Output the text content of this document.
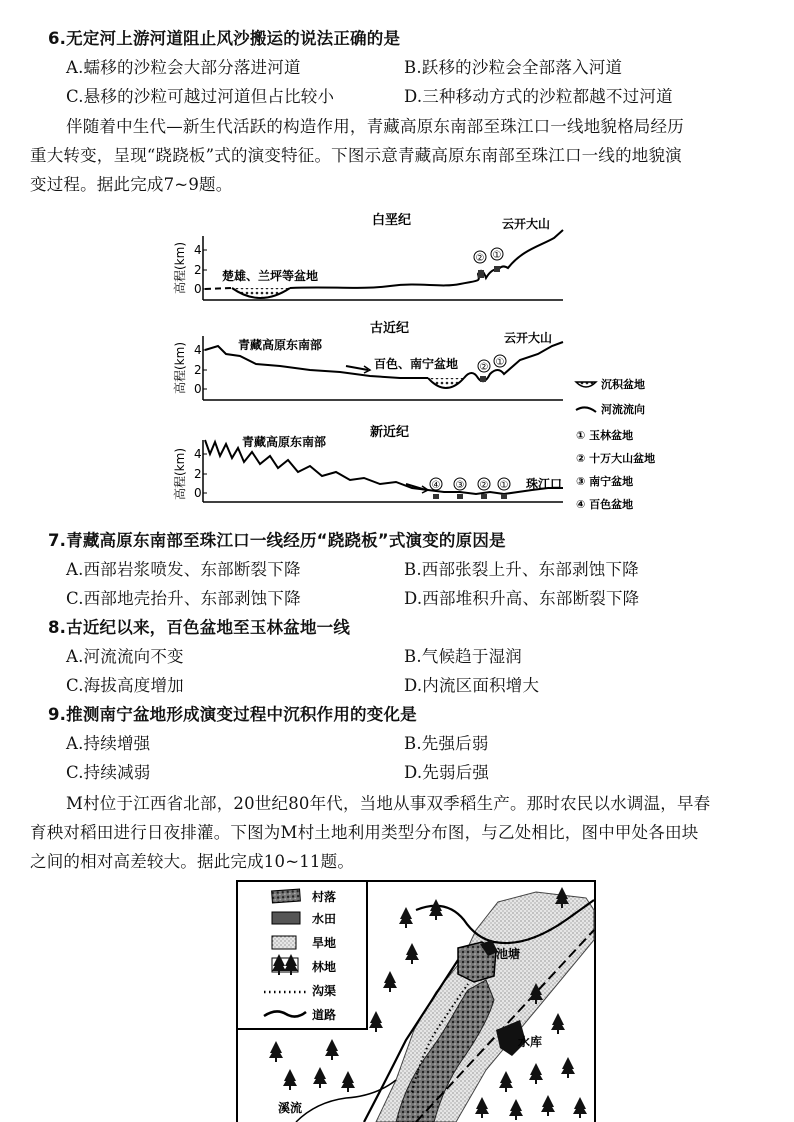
6.无定河上游河道阻止风沙搬运的说法正确的是
A.蠕移的沙粒会大部分落进河道	B.跃移的沙粒会全部落入河道
C.悬移的沙粒可越过河道但占比较小	D.三种移动方式的沙粒都越不过河道
伴随着中生代—新生代活跃的构造作用，青藏高原东南部至珠江口一线地貌格局经历
重大转变，呈现“跷跷板”式的演变特征。下图示意青藏高原东南部至珠江口一线的地貌演
变过程。据此完成7~9题。
白垩纪
高程(km) 4
2
0
楚雄、兰坪等盆地
云开大山
② ①
古近纪
高程(km) 4
2
0
青藏高原东南部
百色、南宁盆地
云开大山
② ①
新近纪
高程(km) 4
2
0
青藏高原东南部
珠江口
④ ③ ② ①
沉积盆地
河流流向
① 玉林盆地
② 十万大山盆地
③ 南宁盆地
④ 百色盆地
7.青藏高原东南部至珠江口一线经历“跷跷板”式演变的原因是
A.西部岩浆喷发、东部断裂下降	B.西部张裂上升、东部剥蚀下降
C.西部地壳抬升、东部剥蚀下降	D.西部堆积升高、东部断裂下降
8.古近纪以来，百色盆地至玉林盆地一线
A.河流流向不变	B.气候趋于湿润
C.海拔高度增加	D.内流区面积增大
9.推测南宁盆地形成演变过程中沉积作用的变化是
A.持续增强	B.先强后弱
C.持续减弱	D.先弱后强
M村位于江西省北部，20世纪80年代，当地从事双季稻生产。那时农民以水调温，早春
育秧对稻田进行日夜排灌。下图为M村土地利用类型分布图，与乙处相比，图中甲处各田块
之间的相对高差较大。据此完成10~11题。
池塘
水库
溪流
村落
水田
旱地
林地
沟渠
道路
